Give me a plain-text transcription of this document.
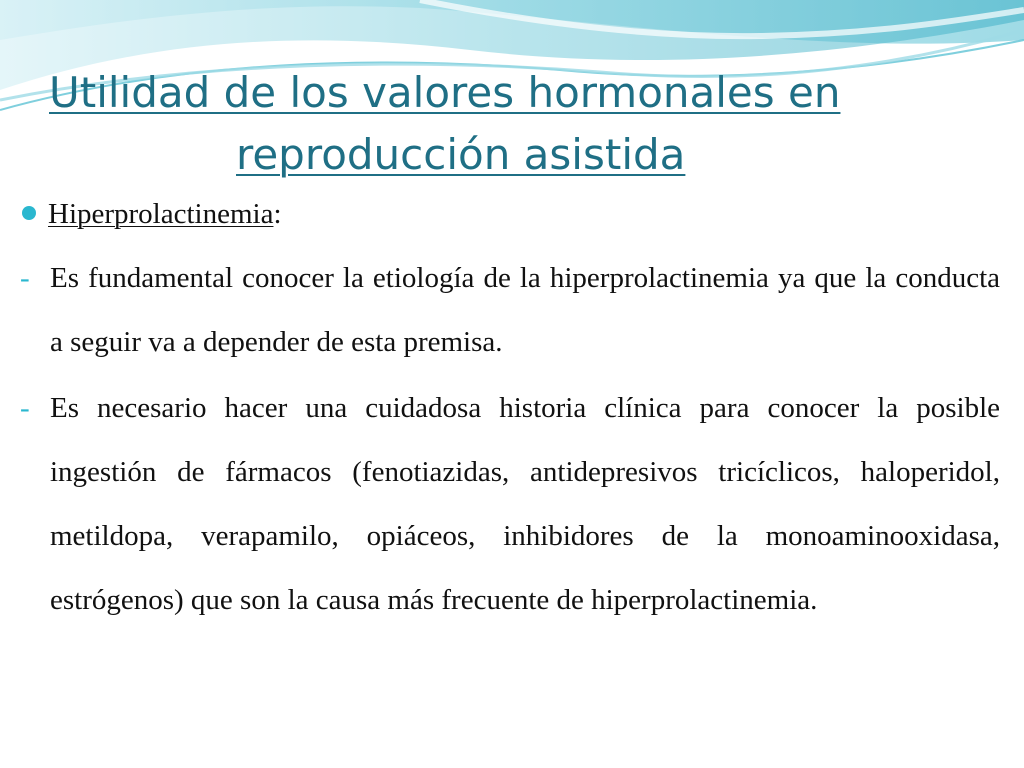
Utilidad de los valores hormonales en
reproducción asistida
Hiperprolactinemia:
- Es fundamental conocer la etiología de la hiperprolactinemia ya que la conducta a seguir va a depender de esta premisa.
- Es necesario hacer una cuidadosa historia clínica para conocer la posible ingestión de fármacos (fenotiazidas, antidepresivos tricíclicos, haloperidol, metildopa, verapamilo, opiáceos, inhibidores de la monoaminooxidasa, estrógenos) que son la causa más frecuente de hiperprolactinemia.
